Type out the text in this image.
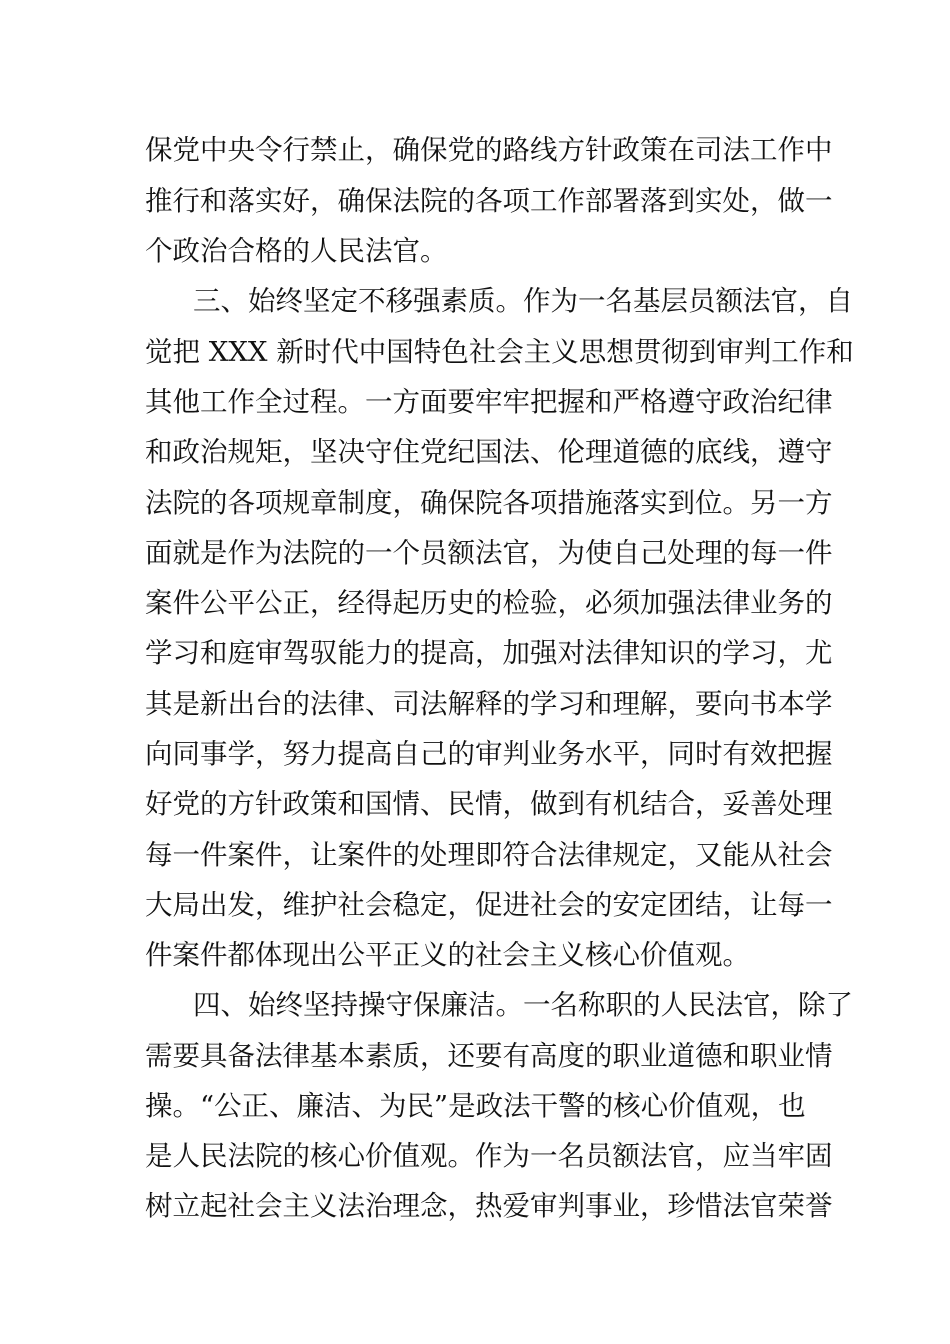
保党中央令行禁止，确保党的路线方针政策在司法工作中

推行和落实好，确保法院的各项工作部署落到实处，做一

个政治合格的人民法官。

三、始终坚定不移强素质。作为一名基层员额法官，自

觉把 XXX 新时代中国特色社会主义思想贯彻到审判工作和

其他工作全过程。一方面要牢牢把握和严格遵守政治纪律

和政治规矩，坚决守住党纪国法、伦理道德的底线，遵守

法院的各项规章制度，确保院各项措施落实到位。另一方

面就是作为法院的一个员额法官，为使自己处理的每一件

案件公平公正，经得起历史的检验，必须加强法律业务的

学习和庭审驾驭能力的提高，加强对法律知识的学习，尤

其是新出台的法律、司法解释的学习和理解，要向书本学

向同事学，努力提高自己的审判业务水平，同时有效把握

好党的方针政策和国情、民情，做到有机结合，妥善处理

每一件案件，让案件的处理即符合法律规定，又能从社会

大局出发，维护社会稳定，促进社会的安定团结，让每一

件案件都体现出公平正义的社会主义核心价值观。

四、始终坚持操守保廉洁。一名称职的人民法官，除了

需要具备法律基本素质，还要有高度的职业道德和职业情

操。“公正、廉洁、为民”是政法干警的核心价值观，也

是人民法院的核心价值观。作为一名员额法官，应当牢固

树立起社会主义法治理念，热爱审判事业，珍惜法官荣誉
